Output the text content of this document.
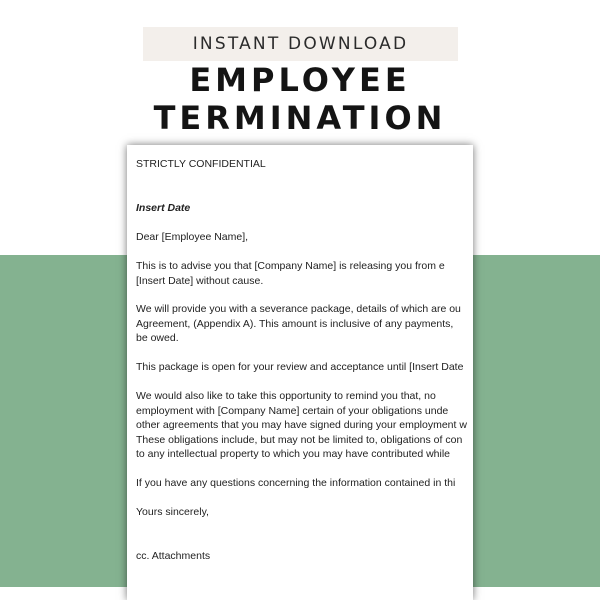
INSTANT DOWNLOAD
EMPLOYEE
TERMINATION

STRICTLY CONFIDENTIAL

Insert Date

Dear [Employee Name],

This is to advise you that [Company Name] is releasing you from e

[Insert Date] without cause.

We will provide you with a severance package, details of which are ou

Agreement, (Appendix A). This amount is inclusive of any payments,

be owed.

This package is open for your review and acceptance until [Insert Date

We would also like to take this opportunity to remind you that, no

employment with [Company Name] certain of your obligations unde

other agreements that you may have signed during your employment w

These obligations include, but may not be limited to, obligations of con

to any intellectual property to which you may have contributed while

If you have any questions concerning the information contained in thi

Yours sincerely,

cc. Attachments
